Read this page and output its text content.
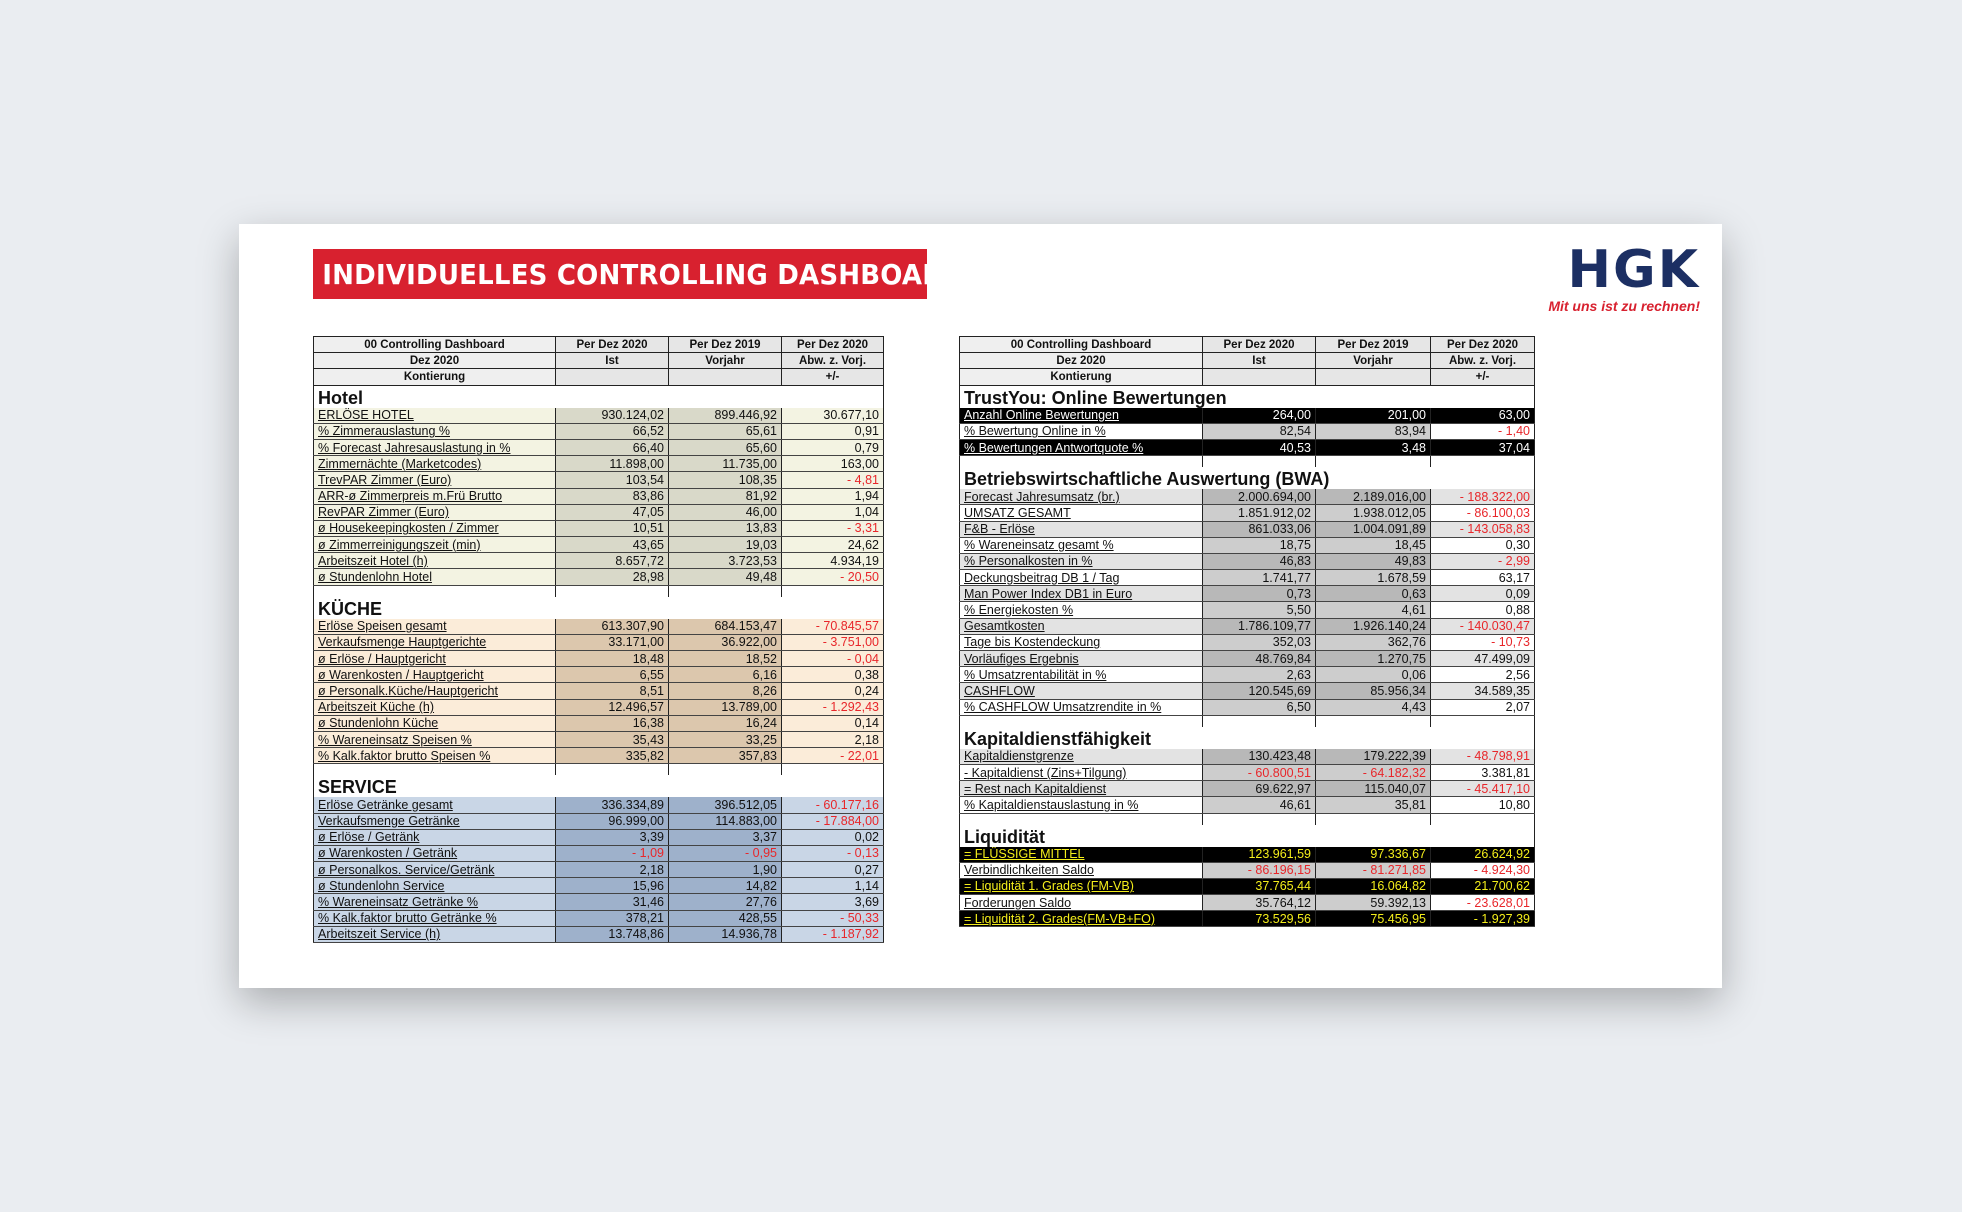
INDIVIDUELLES CONTROLLING DASHBOARD	HGK
Mit uns ist zu rechnen!
00 Controlling Dashboard	Per Dez 2020	Per Dez 2019	Per Dez 2020
Dez 2020	Ist	Vorjahr	Abw. z. Vorj.
Kontierung			+/-
Hotel			
ERLÖSE HOTEL	930.124,02	899.446,92	30.677,10
% Zimmerauslastung %	66,52	65,61	0,91
% Forecast Jahresauslastung in %	66,40	65,60	0,79
Zimmernächte (Marketcodes)	11.898,00	11.735,00	163,00
TrevPAR Zimmer (Euro)	103,54	108,35	- 4,81
ARR-ø Zimmerpreis m.Frü Brutto	83,86	81,92	1,94
RevPAR Zimmer (Euro)	47,05	46,00	1,04
ø Housekeepingkosten / Zimmer	10,51	13,83	- 3,31
ø Zimmerreinigungszeit (min)	43,65	19,03	24,62
Arbeitszeit Hotel (h)	8.657,72	3.723,53	4.934,19
ø Stundenlohn Hotel	28,98	49,48	- 20,50

KÜCHE			
Erlöse Speisen gesamt	613.307,90	684.153,47	- 70.845,57
Verkaufsmenge Hauptgerichte	33.171,00	36.922,00	- 3.751,00
ø Erlöse / Hauptgericht	18,48	18,52	- 0,04
ø Warenkosten / Hauptgericht	6,55	6,16	0,38
ø Personalk.Küche/Hauptgericht	8,51	8,26	0,24
Arbeitszeit Küche (h)	12.496,57	13.789,00	- 1.292,43
ø Stundenlohn Küche	16,38	16,24	0,14
% Wareneinsatz Speisen %	35,43	33,25	2,18
% Kalk.faktor brutto Speisen %	335,82	357,83	- 22,01

SERVICE			
Erlöse Getränke gesamt	336.334,89	396.512,05	- 60.177,16
Verkaufsmenge Getränke	96.999,00	114.883,00	- 17.884,00
ø Erlöse / Getränk	3,39	3,37	0,02
ø Warenkosten / Getränk	- 1,09	- 0,95	- 0,13
ø Personalkos. Service/Getränk	2,18	1,90	0,27
ø Stundenlohn Service	15,96	14,82	1,14
% Wareneinsatz Getränke %	31,46	27,76	3,69
% Kalk.faktor brutto Getränke %	378,21	428,55	- 50,33
Arbeitszeit Service (h)	13.748,86	14.936,78	- 1.187,92
00 Controlling Dashboard	Per Dez 2020	Per Dez 2019	Per Dez 2020
Dez 2020	Ist	Vorjahr	Abw. z. Vorj.
Kontierung			+/-
TrustYou: Online Bewertungen			
Anzahl Online Bewertungen	264,00	201,00	63,00
% Bewertung Online in %	82,54	83,94	- 1,40
% Bewertungen Antwortquote %	40,53	3,48	37,04

Betriebswirtschaftliche Auswertung (BWA)			
Forecast Jahresumsatz (br.)	2.000.694,00	2.189.016,00	- 188.322,00
UMSATZ GESAMT	1.851.912,02	1.938.012,05	- 86.100,03
F&B - Erlöse	861.033,06	1.004.091,89	- 143.058,83
% Wareneinsatz gesamt %	18,75	18,45	0,30
% Personalkosten in %	46,83	49,83	- 2,99
Deckungsbeitrag DB 1 / Tag	1.741,77	1.678,59	63,17
Man Power Index DB1 in Euro	0,73	0,63	0,09
% Energiekosten %	5,50	4,61	0,88
Gesamtkosten	1.786.109,77	1.926.140,24	- 140.030,47
Tage bis Kostendeckung	352,03	362,76	- 10,73
Vorläufiges Ergebnis	48.769,84	1.270,75	47.499,09
% Umsatzrentabilität in %	2,63	0,06	2,56
CASHFLOW	120.545,69	85.956,34	34.589,35
% CASHFLOW Umsatzrendite in %	6,50	4,43	2,07

Kapitaldienstfähigkeit			
Kapitaldienstgrenze	130.423,48	179.222,39	- 48.798,91
- Kapitaldienst (Zins+Tilgung)	- 60.800,51	- 64.182,32	3.381,81
= Rest nach Kapitaldienst	69.622,97	115.040,07	- 45.417,10
% Kapitaldienstauslastung in %	46,61	35,81	10,80

Liquidität			
= FLÜSSIGE MITTEL	123.961,59	97.336,67	26.624,92
Verbindlichkeiten Saldo	- 86.196,15	- 81.271,85	- 4.924,30
= Liquidität 1. Grades (FM-VB)	37.765,44	16.064,82	21.700,62
Forderungen Saldo	35.764,12	59.392,13	- 23.628,01
= Liquidität 2. Grades(FM-VB+FO)	73.529,56	75.456,95	- 1.927,39
